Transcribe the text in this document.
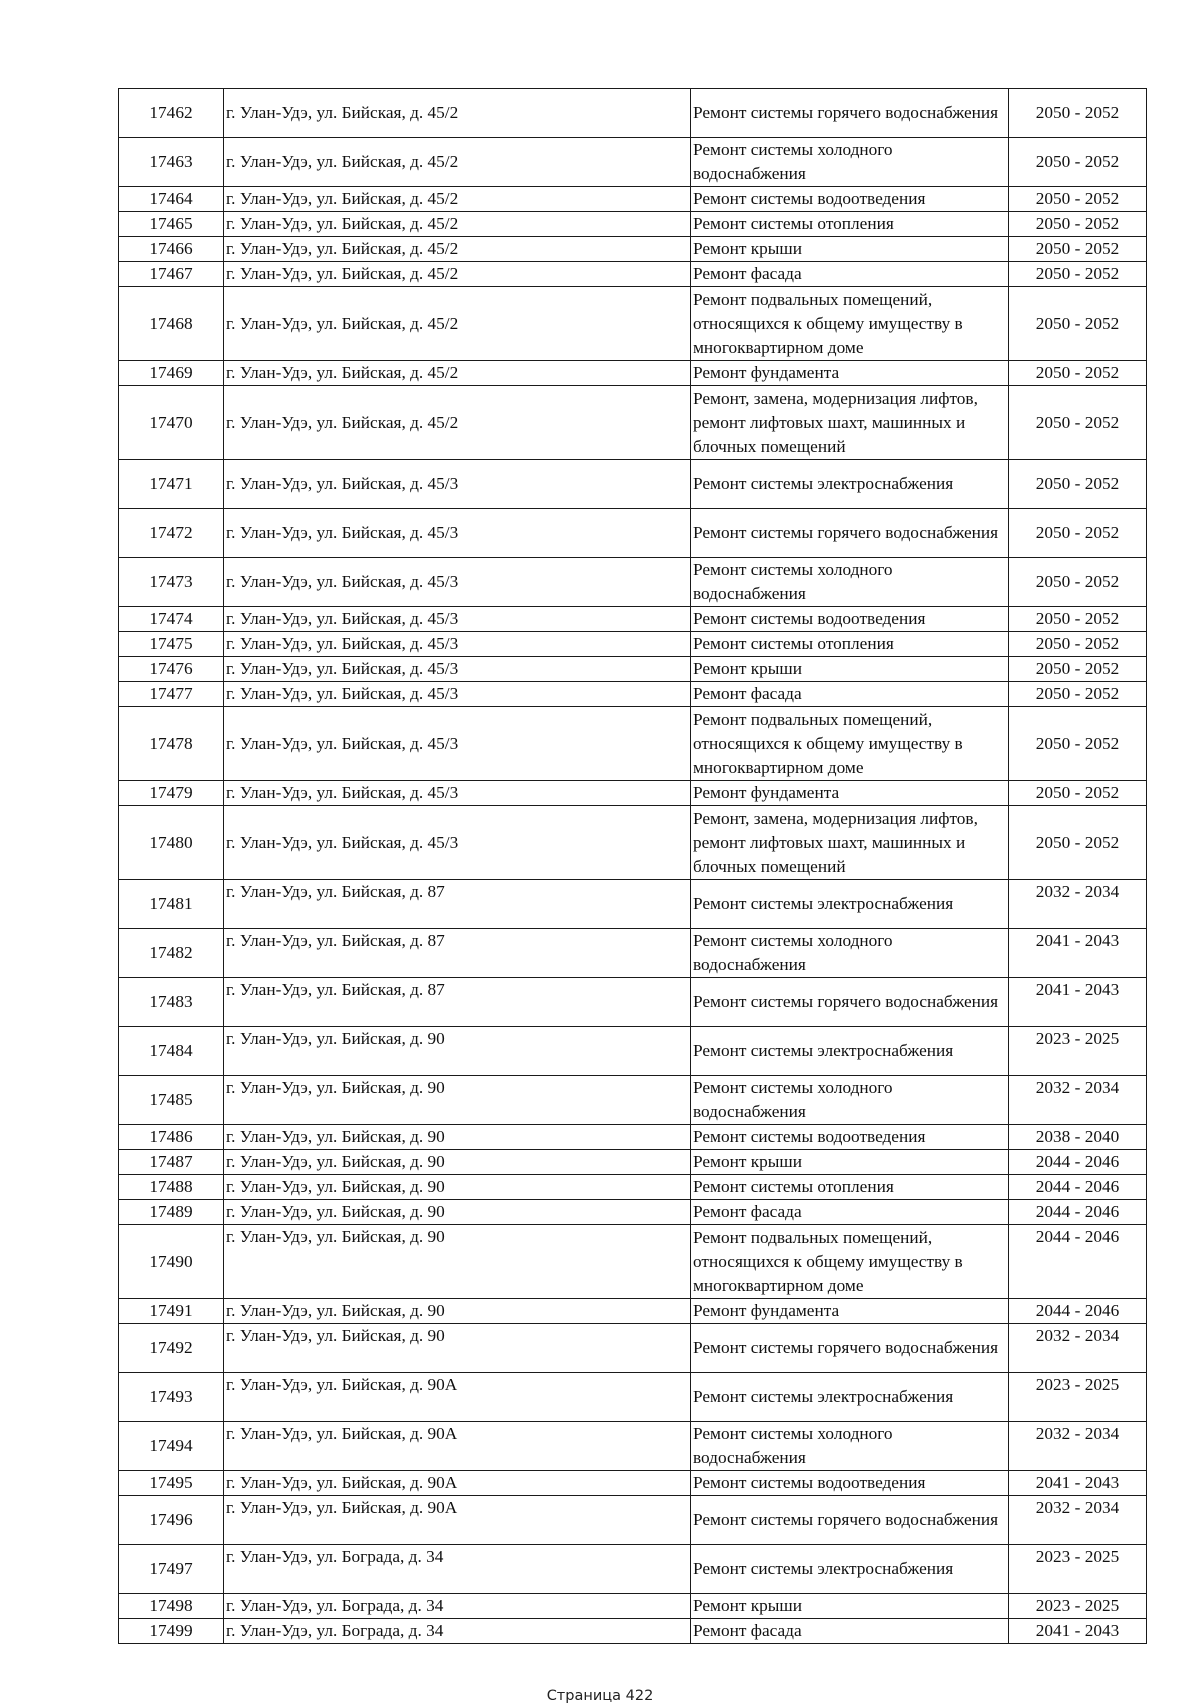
17462	г. Улан-Удэ, ул. Бийская, д. 45/2	Ремонт системы горячего водоснабжения	2050 - 2052
17463	г. Улан-Удэ, ул. Бийская, д. 45/2	Ремонт системы холодного водоснабжения	2050 - 2052
17464	г. Улан-Удэ, ул. Бийская, д. 45/2	Ремонт системы водоотведения	2050 - 2052
17465	г. Улан-Удэ, ул. Бийская, д. 45/2	Ремонт системы отопления	2050 - 2052
17466	г. Улан-Удэ, ул. Бийская, д. 45/2	Ремонт крыши	2050 - 2052
17467	г. Улан-Удэ, ул. Бийская, д. 45/2	Ремонт фасада	2050 - 2052
17468	г. Улан-Удэ, ул. Бийская, д. 45/2	Ремонт подвальных помещений, относящихся к общему имуществу в многоквартирном доме	2050 - 2052
17469	г. Улан-Удэ, ул. Бийская, д. 45/2	Ремонт фундамента	2050 - 2052
17470	г. Улан-Удэ, ул. Бийская, д. 45/2	Ремонт, замена, модернизация лифтов, ремонт лифтовых шахт, машинных и блочных помещений	2050 - 2052
17471	г. Улан-Удэ, ул. Бийская, д. 45/3	Ремонт системы электроснабжения	2050 - 2052
17472	г. Улан-Удэ, ул. Бийская, д. 45/3	Ремонт системы горячего водоснабжения	2050 - 2052
17473	г. Улан-Удэ, ул. Бийская, д. 45/3	Ремонт системы холодного водоснабжения	2050 - 2052
17474	г. Улан-Удэ, ул. Бийская, д. 45/3	Ремонт системы водоотведения	2050 - 2052
17475	г. Улан-Удэ, ул. Бийская, д. 45/3	Ремонт системы отопления	2050 - 2052
17476	г. Улан-Удэ, ул. Бийская, д. 45/3	Ремонт крыши	2050 - 2052
17477	г. Улан-Удэ, ул. Бийская, д. 45/3	Ремонт фасада	2050 - 2052
17478	г. Улан-Удэ, ул. Бийская, д. 45/3	Ремонт подвальных помещений, относящихся к общему имуществу в многоквартирном доме	2050 - 2052
17479	г. Улан-Удэ, ул. Бийская, д. 45/3	Ремонт фундамента	2050 - 2052
17480	г. Улан-Удэ, ул. Бийская, д. 45/3	Ремонт, замена, модернизация лифтов, ремонт лифтовых шахт, машинных и блочных помещений	2050 - 2052
17481	г. Улан-Удэ, ул. Бийская, д. 87	Ремонт системы электроснабжения	2032 - 2034
17482	г. Улан-Удэ, ул. Бийская, д. 87	Ремонт системы холодного водоснабжения	2041 - 2043
17483	г. Улан-Удэ, ул. Бийская, д. 87	Ремонт системы горячего водоснабжения	2041 - 2043
17484	г. Улан-Удэ, ул. Бийская, д. 90	Ремонт системы электроснабжения	2023 - 2025
17485	г. Улан-Удэ, ул. Бийская, д. 90	Ремонт системы холодного водоснабжения	2032 - 2034
17486	г. Улан-Удэ, ул. Бийская, д. 90	Ремонт системы водоотведения	2038 - 2040
17487	г. Улан-Удэ, ул. Бийская, д. 90	Ремонт крыши	2044 - 2046
17488	г. Улан-Удэ, ул. Бийская, д. 90	Ремонт системы отопления	2044 - 2046
17489	г. Улан-Удэ, ул. Бийская, д. 90	Ремонт фасада	2044 - 2046
17490	г. Улан-Удэ, ул. Бийская, д. 90	Ремонт подвальных помещений, относящихся к общему имуществу в многоквартирном доме	2044 - 2046
17491	г. Улан-Удэ, ул. Бийская, д. 90	Ремонт фундамента	2044 - 2046
17492	г. Улан-Удэ, ул. Бийская, д. 90	Ремонт системы горячего водоснабжения	2032 - 2034
17493	г. Улан-Удэ, ул. Бийская, д. 90А	Ремонт системы электроснабжения	2023 - 2025
17494	г. Улан-Удэ, ул. Бийская, д. 90А	Ремонт системы холодного водоснабжения	2032 - 2034
17495	г. Улан-Удэ, ул. Бийская, д. 90А	Ремонт системы водоотведения	2041 - 2043
17496	г. Улан-Удэ, ул. Бийская, д. 90А	Ремонт системы горячего водоснабжения	2032 - 2034
17497	г. Улан-Удэ, ул. Бограда, д. 34	Ремонт системы электроснабжения	2023 - 2025
17498	г. Улан-Удэ, ул. Бограда, д. 34	Ремонт крыши	2023 - 2025
17499	г. Улан-Удэ, ул. Бограда, д. 34	Ремонт фасада	2041 - 2043
Страница 422
